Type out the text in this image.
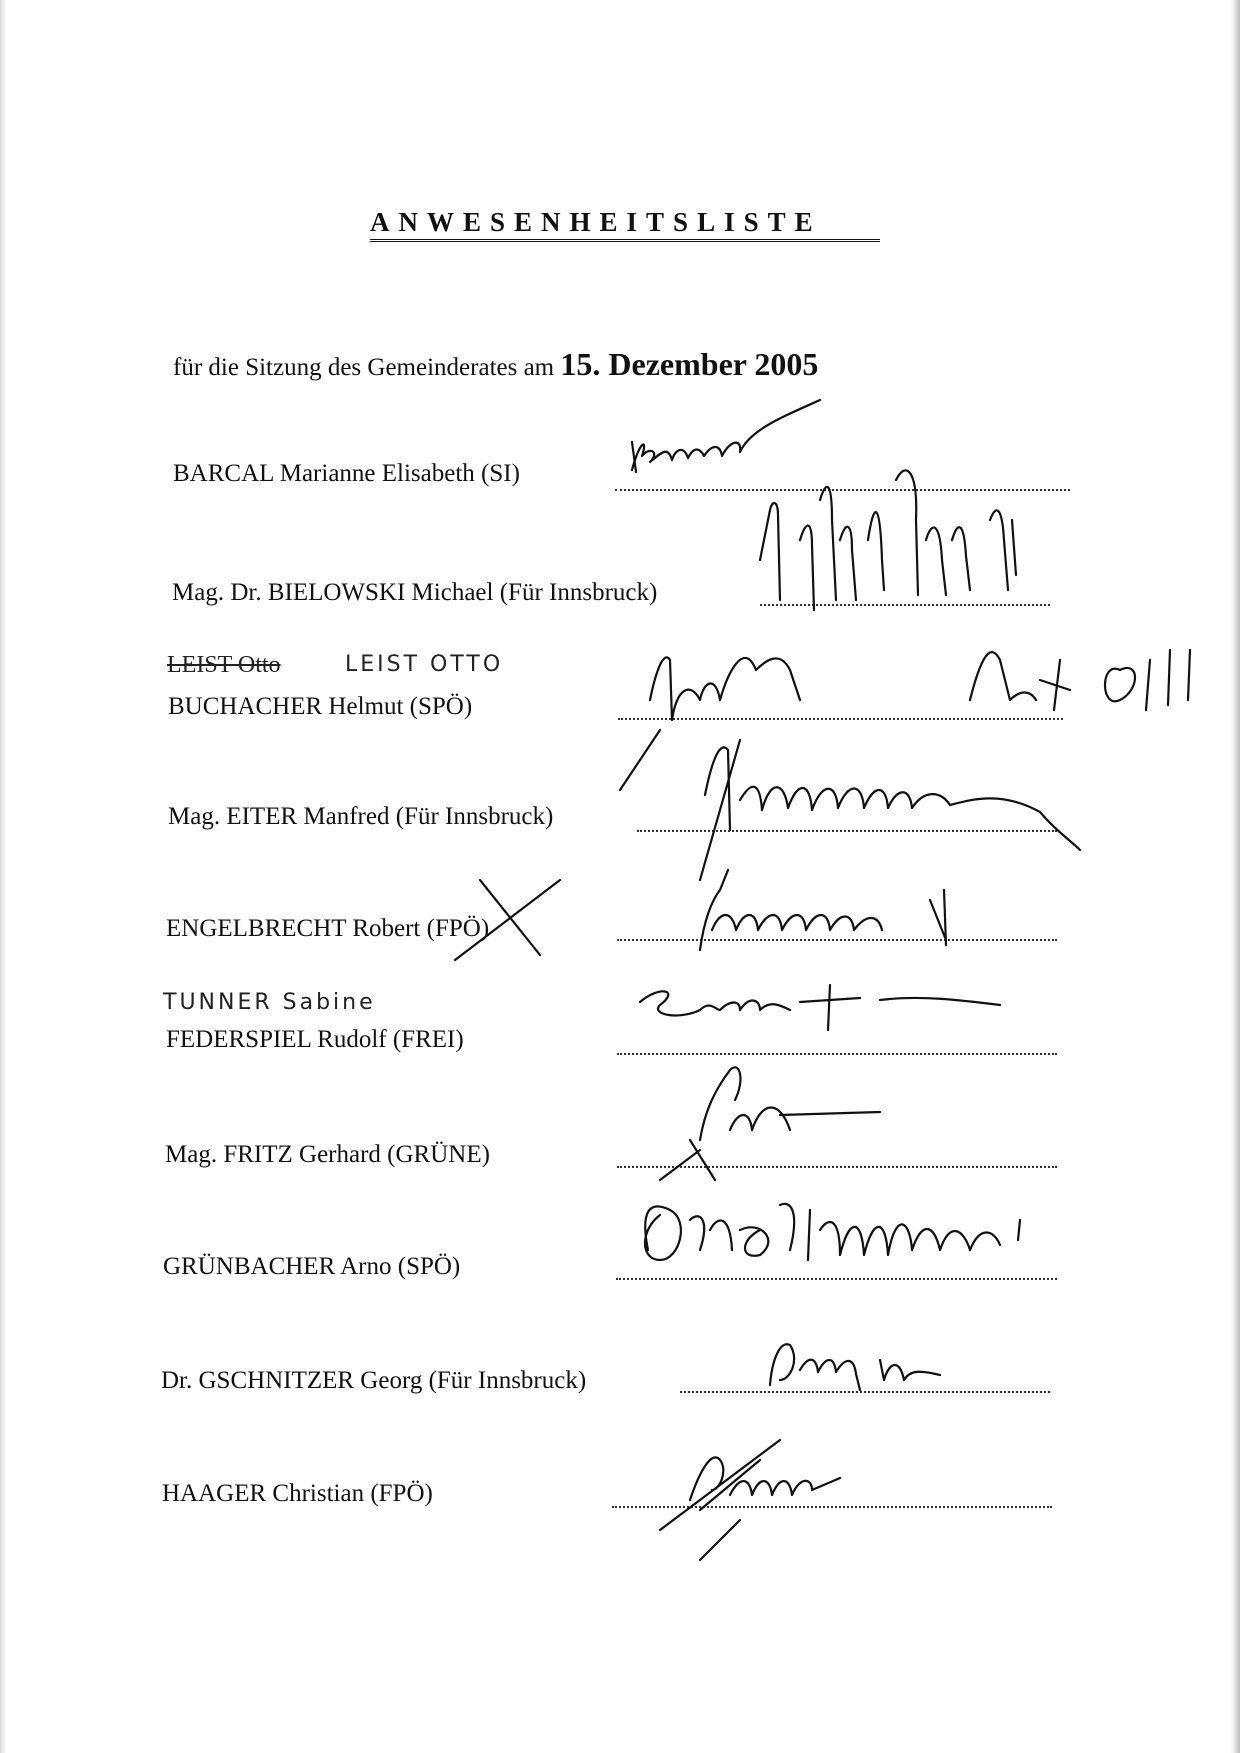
ANWESENHEITSLISTE
für die Sitzung des Gemeinderates am 15. Dezember 2005
BARCAL Marianne Elisabeth (SI)
Mag. Dr. BIELOWSKI Michael (Für Innsbruck)
LEIST Otto	LEIST OTTO
BUCHACHER Helmut (SPÖ)
Mag. EITER Manfred (Für Innsbruck)
ENGELBRECHT Robert (FPÖ)
TUNNER Sabine
FEDERSPIEL Rudolf (FREI)
Mag. FRITZ Gerhard (GRÜNE)
GRÜNBACHER Arno (SPÖ)
Dr. GSCHNITZER Georg (Für Innsbruck)
HAAGER Christian (FPÖ)
